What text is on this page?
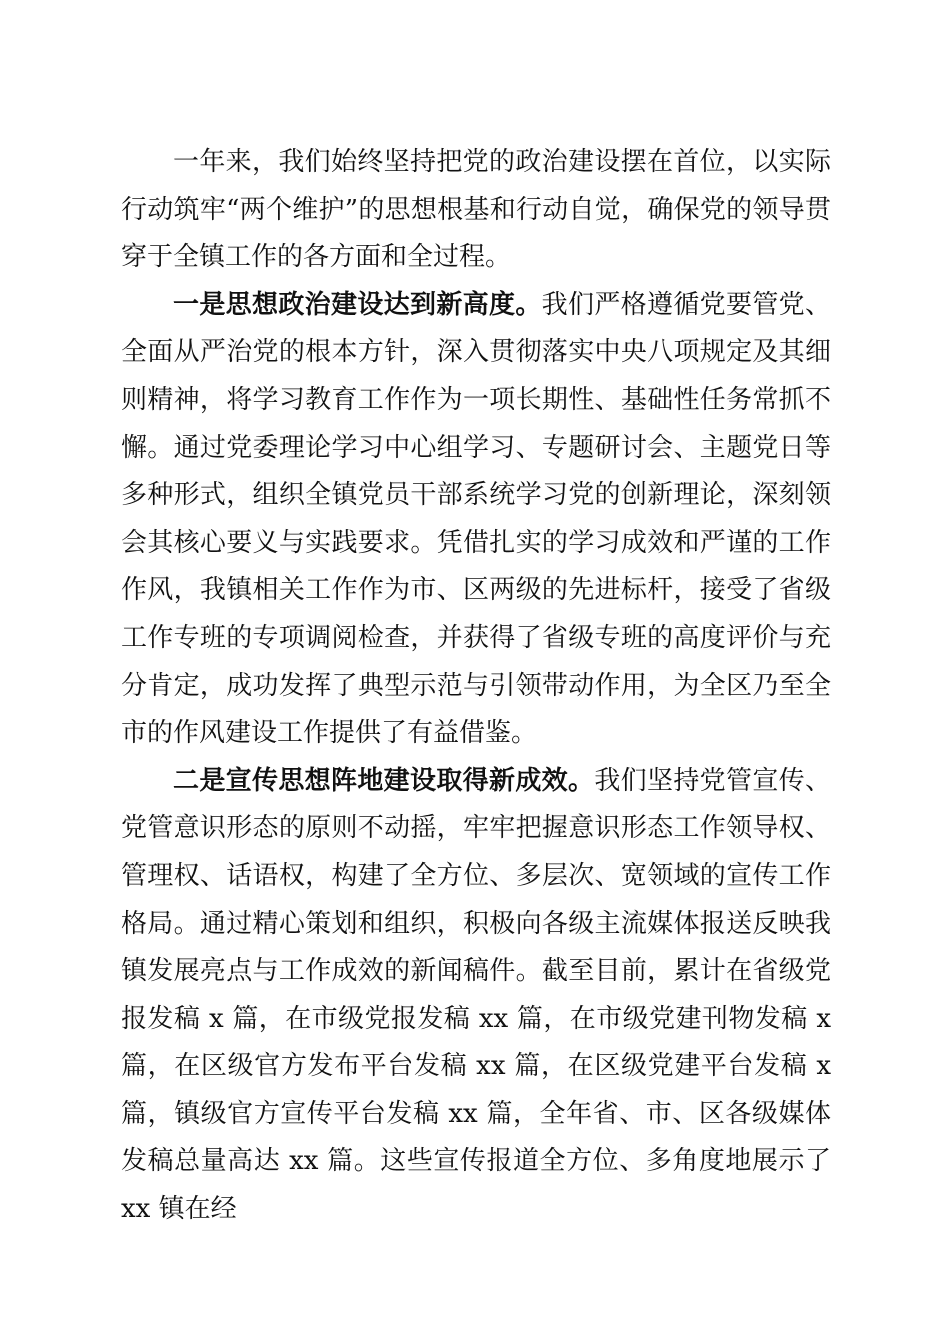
一年来，我们始终坚持把党的政治建设摆在首位，以实际行动筑牢“两个维护”的思想根基和行动自觉，确保党的领导贯穿于全镇工作的各方面和全过程。

一是思想政治建设达到新高度。我们严格遵循党要管党、全面从严治党的根本方针，深入贯彻落实中央八项规定及其细则精神，将学习教育工作作为一项长期性、基础性任务常抓不懈。通过党委理论学习中心组学习、专题研讨会、主题党日等多种形式，组织全镇党员干部系统学习党的创新理论，深刻领会其核心要义与实践要求。凭借扎实的学习成效和严谨的工作作风，我镇相关工作作为市、区两级的先进标杆，接受了省级工作专班的专项调阅检查，并获得了省级专班的高度评价与充分肯定，成功发挥了典型示范与引领带动作用，为全区乃至全市的作风建设工作提供了有益借鉴。

二是宣传思想阵地建设取得新成效。我们坚持党管宣传、党管意识形态的原则不动摇，牢牢把握意识形态工作领导权、管理权、话语权，构建了全方位、多层次、宽领域的宣传工作格局。通过精心策划和组织，积极向各级主流媒体报送反映我镇发展亮点与工作成效的新闻稿件。截至目前，累计在省级党报发稿 x 篇，在市级党报发稿 xx 篇，在市级党建刊物发稿 x 篇，在区级官方发布平台发稿 xx 篇，在区级党建平台发稿 x 篇，镇级官方宣传平台发稿 xx 篇，全年省、市、区各级媒体发稿总量高达 xx 篇。这些宣传报道全方位、多角度地展示了 xx 镇在经
